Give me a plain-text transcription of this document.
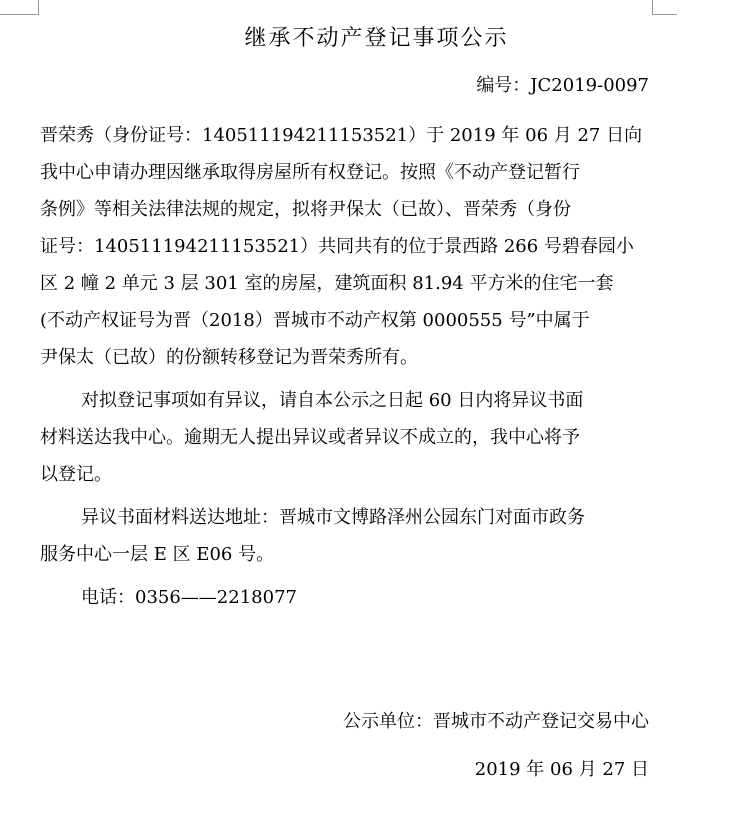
继承不动产登记事项公示
编号：JC2019-0097
晋荣秀（身份证号：140511194211153521）于 2019 年 06 月 27 日向
我中心申请办理因继承取得房屋所有权登记。按照《不动产登记暂行
条例》等相关法律法规的规定，拟将尹保太（已故）、晋荣秀（身份
证号：140511194211153521）共同共有的位于景西路 266 号碧春园小
区 2 幢 2 单元 3 层 301 室的房屋，建筑面积 81.94 平方米的住宅一套
(不动产权证号为晋（2018）晋城市不动产权第 0000555 号”中属于
尹保太（已故）的份额转移登记为晋荣秀所有。
对拟登记事项如有异议，请自本公示之日起 60 日内将异议书面
材料送达我中心。逾期无人提出异议或者异议不成立的，我中心将予
以登记。
异议书面材料送达地址：晋城市文博路泽州公园东门对面市政务
服务中心一层 E 区 E06 号。
电话：0356——2218077
公示单位：晋城市不动产登记交易中心
2019 年 06 月 27 日
